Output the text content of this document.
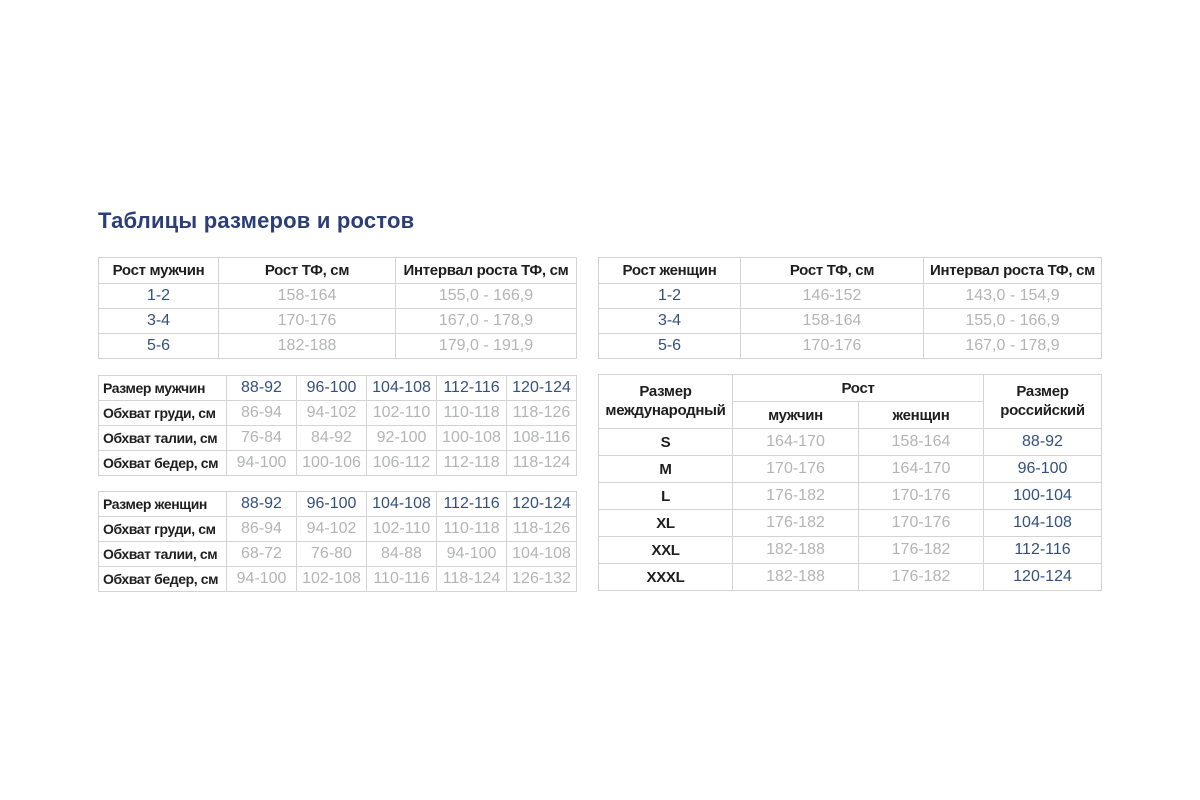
Таблицы размеров и ростов
Рост мужчин	Рост ТФ, см	Интервал роста ТФ, см
1-2	158-164	155,0 - 166,9
3-4	170-176	167,0 - 178,9
5-6	182-188	179,0 - 191,9
Рост женщин	Рост ТФ, см	Интервал роста ТФ, см
1-2	146-152	143,0 - 154,9
3-4	158-164	155,0 - 166,9
5-6	170-176	167,0 - 178,9
Размер мужчин	88-92	96-100	104-108	112-116	120-124
Обхват груди, см	86-94	94-102	102-110	110-118	118-126
Обхват талии, см	76-84	84-92	92-100	100-108	108-116
Обхват бедер, см	94-100	100-106	106-112	112-118	118-124
Размер женщин	88-92	96-100	104-108	112-116	120-124
Обхват груди, см	86-94	94-102	102-110	110-118	118-126
Обхват талии, см	68-72	76-80	84-88	94-100	104-108
Обхват бедер, см	94-100	102-108	110-116	118-124	126-132
Размер международный	Рост		Размер российский
	мужчин	женщин	
S	164-170	158-164	88-92
M	170-176	164-170	96-100
L	176-182	170-176	100-104
XL	176-182	170-176	104-108
XXL	182-188	176-182	112-116
XXXL	182-188	176-182	120-124
